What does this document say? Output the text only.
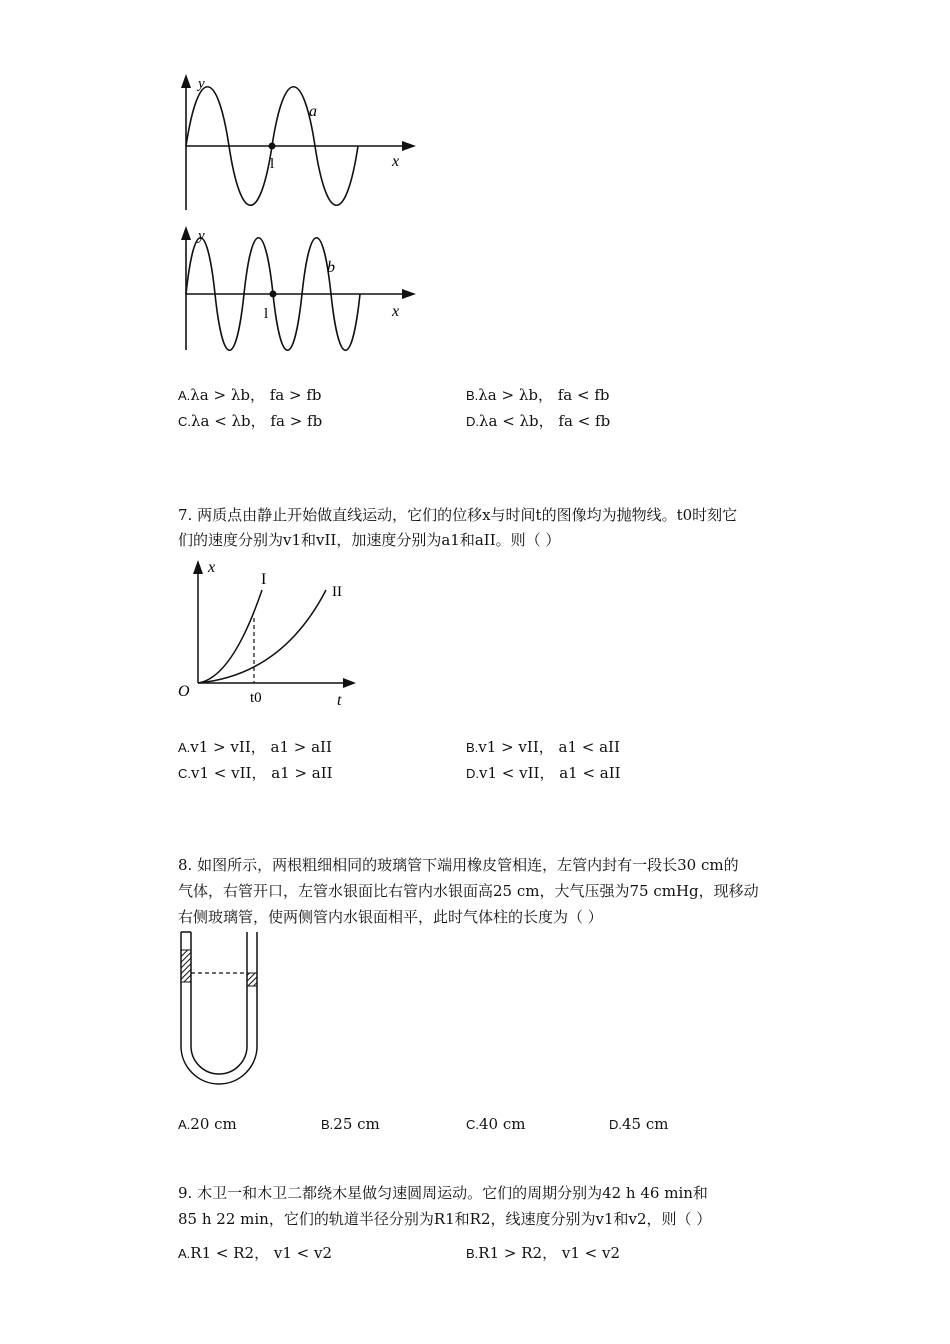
y
x
a
l
y
x
b
l
A.λa > λb， fa > fb	B.λa > λb， fa < fb
C.λa < λb， fa > fb	D.λa < λb， fa < fb
7. 两质点由静止开始做直线运动，它们的位移x与时间t的图像均为抛物线。t0时刻它
们的速度分别为v1和vII，加速度分别为a1和aII。则（ ）
x
t
O	t0
I
II
A.v1 > vII， a1 > aII	B.v1 > vII， a1 < aII
C.v1 < vII， a1 > aII	D.v1 < vII， a1 < aII
8. 如图所示，两根粗细相同的玻璃管下端用橡皮管相连，左管内封有一段长30 cm的
气体，右管开口，左管水银面比右管内水银面高25 cm，大气压强为75 cmHg，现移动
右侧玻璃管，使两侧管内水银面相平，此时气体柱的长度为（ ）
A.20 cm	B.25 cm	C.40 cm	D.45 cm
9. 木卫一和木卫二都绕木星做匀速圆周运动。它们的周期分别为42 h 46 min和
85 h 22 min，它们的轨道半径分别为R1和R2，线速度分别为v1和v2，则（ ）
A.R1 < R2， v1 < v2	B.R1 > R2， v1 < v2
